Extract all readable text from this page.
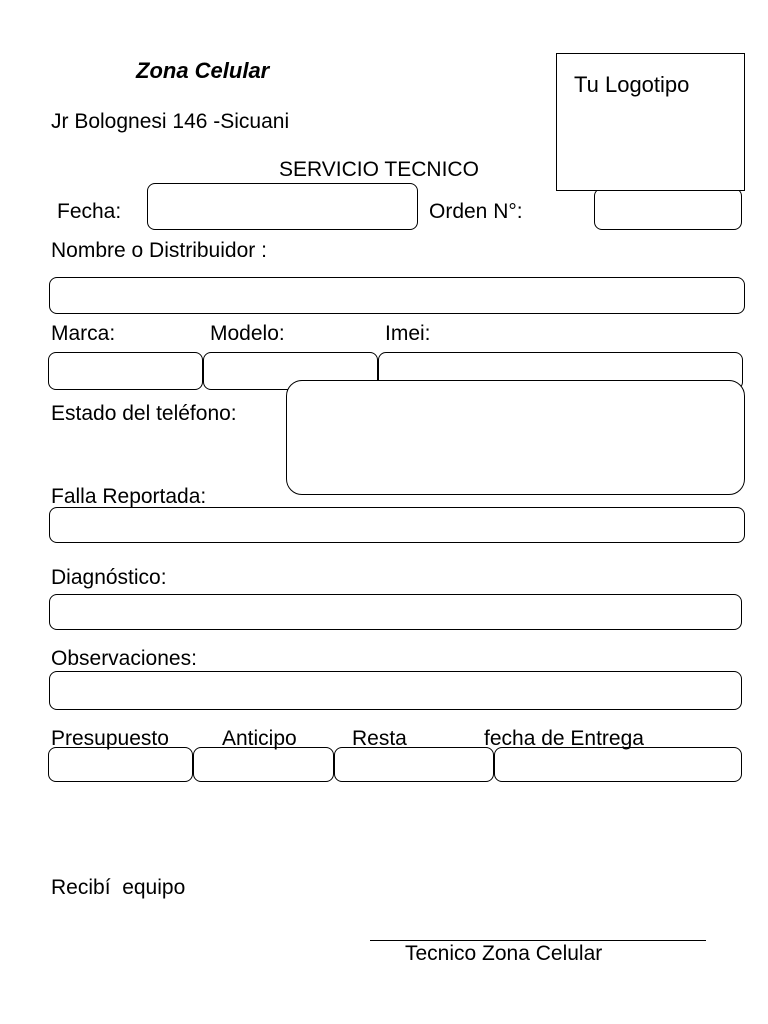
Zona Celular
Jr Bolognesi 146 -Sicuani
SERVICIO TECNICO
Tu Logotipo
Fecha:	Orden N°:
Nombre o Distribuidor :
Marca:	Modelo:	Imei:
Estado del teléfono:
Falla Reportada:
Diagnóstico:
Observaciones:
Presupuesto	Anticipo	Resta	fecha de Entrega
Recibí  equipo
Tecnico Zona Celular
